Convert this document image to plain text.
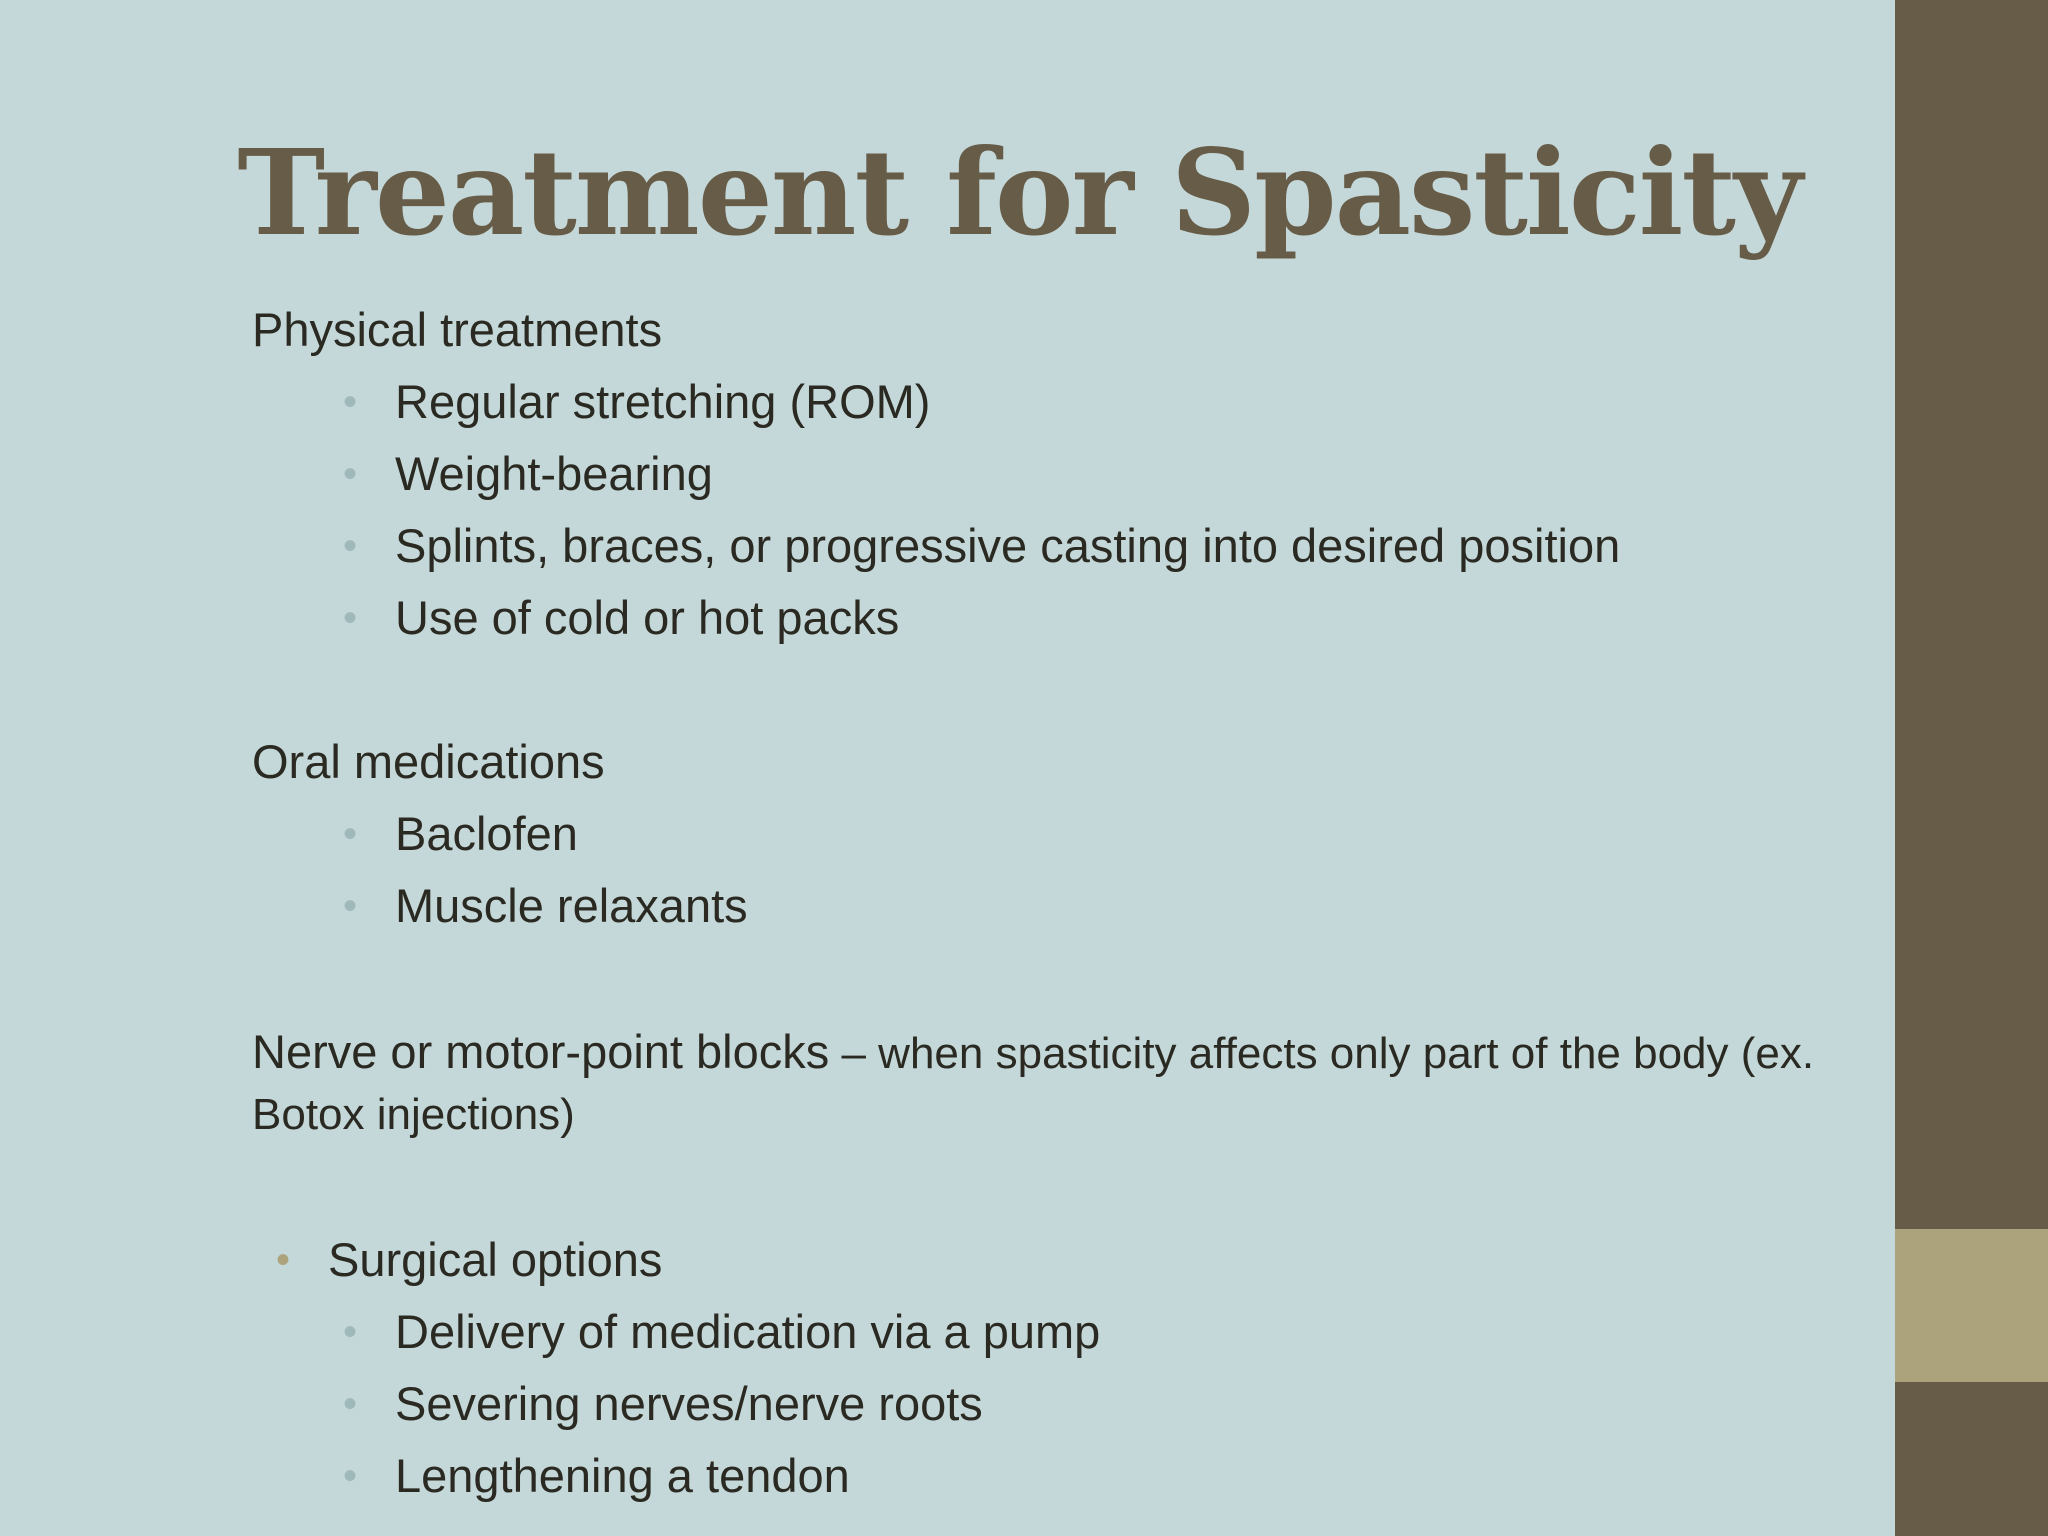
Treatment for Spasticity
Physical treatments
• Regular stretching (ROM)
• Weight-bearing
• Splints, braces, or progressive casting into desired position
• Use of cold or hot packs
Oral medications
• Baclofen
• Muscle relaxants
Nerve or motor-point blocks – when spasticity affects only part of the body (ex. Botox injections)
• Surgical options
• Delivery of medication via a pump
• Severing nerves/nerve roots
• Lengthening a tendon
